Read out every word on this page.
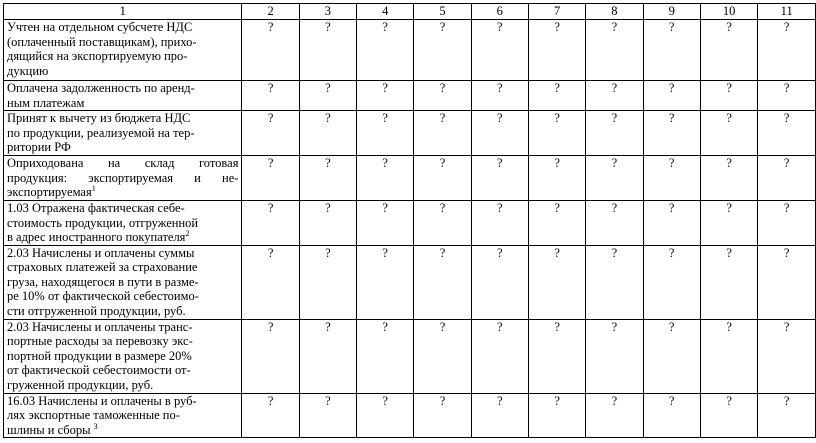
1	2	3	4	5	6	7	8	9	10	11

Учтен на отдельном субсчете НДС
(оплаченный поставщикам), прихо-
дящийся на экспортируемую про-
дукцию	?	?	?	?	?	?	?	?	?	?

Оплачена задолженность по аренд-
ным платежам	?	?	?	?	?	?	?	?	?	?

Принят к вычету из бюджета НДС
по продукции, реализуемой на тер-
ритории РФ	?	?	?	?	?	?	?	?	?	?

Оприходована на склад готовая
продукция: экспортируемая и не-
экспортируемая$^1$	?	?	?	?	?	?	?	?	?	?

1.03 Отражена фактическая себе-
стоимость продукции, отгруженной
в адрес иностранного покупателя$^2$	?	?	?	?	?	?	?	?	?	?

2.03 Начислены и оплачены суммы
страховых платежей за страхование
груза, находящегося в пути в разме-
ре 10% от фактической себестоимо-
сти отгруженной продукции, руб.	?	?	?	?	?	?	?	?	?	?

2.03 Начислены и оплачены транс-
портные расходы за перевозку экс-
портной продукции в размере 20%
от фактической себестоимости от-
груженной продукции, руб.	?	?	?	?	?	?	?	?	?	?

16.03 Начислены и оплачены в руб-
лях экспортные таможенные по-
шлины и сборы $^3$	?	?	?	?	?	?	?	?	?	?
